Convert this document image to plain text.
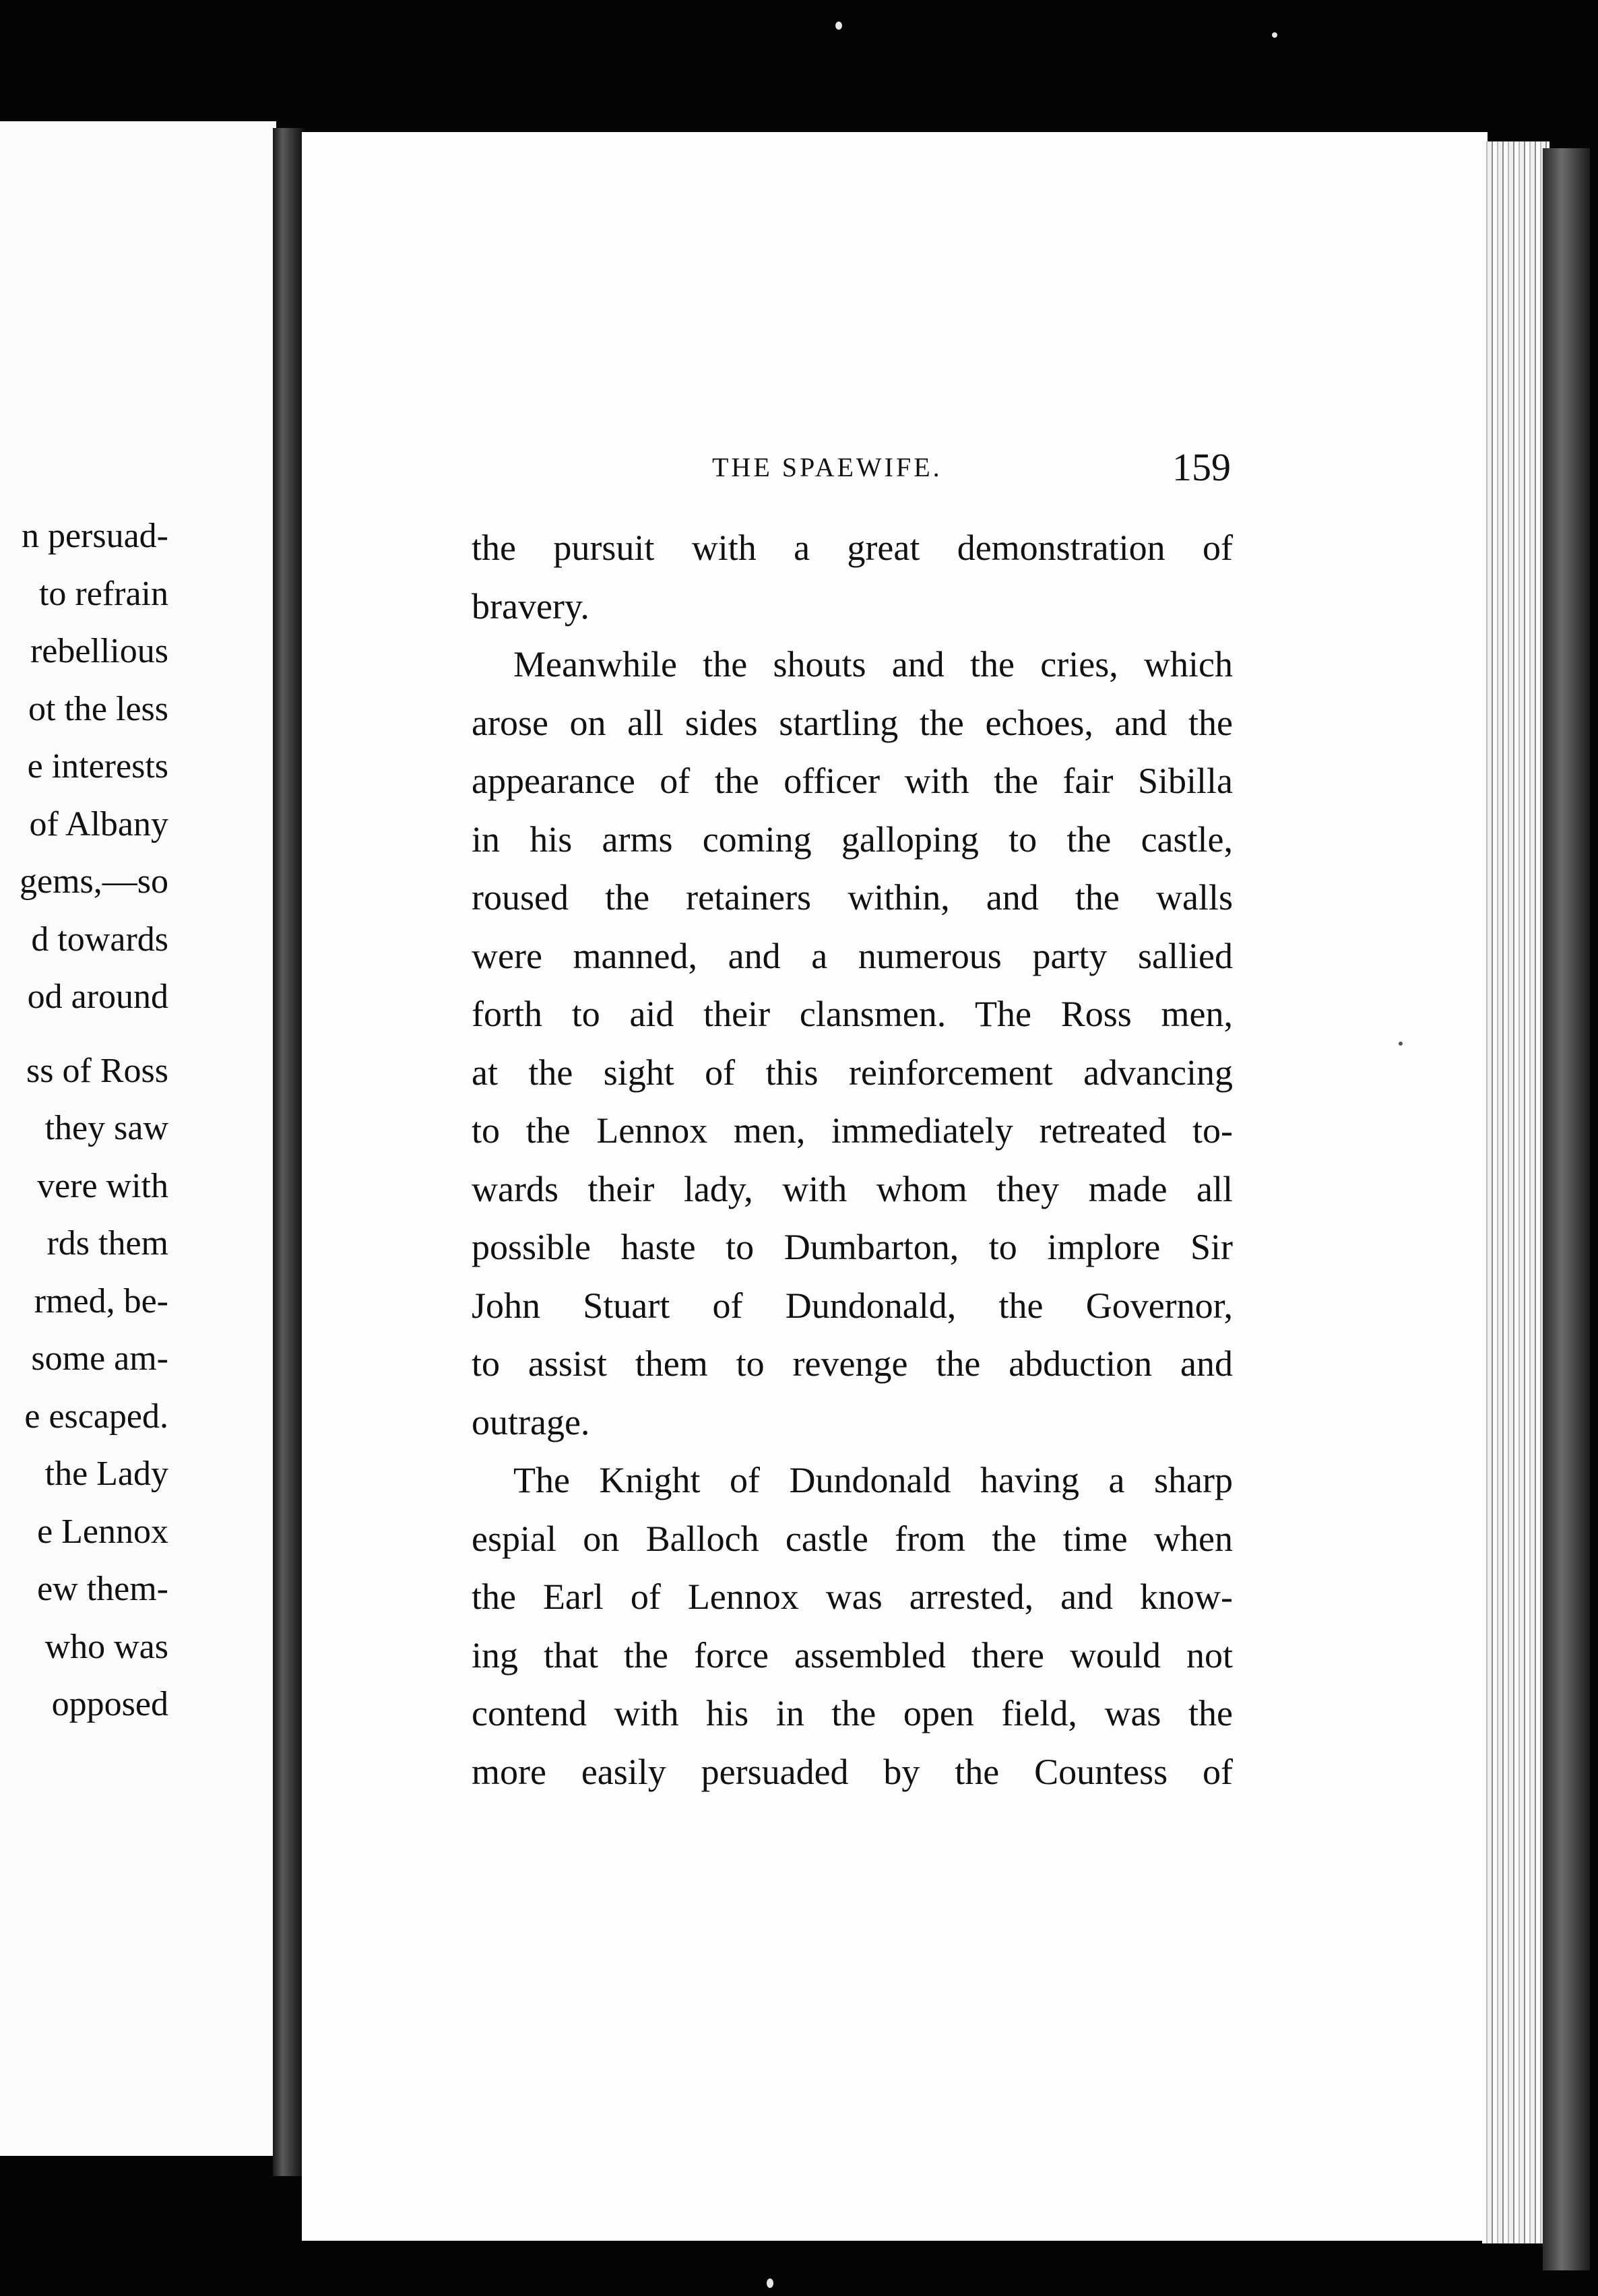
n persuad-
to refrain
rebellious
ot the less
e interests
of Albany
gems,—so
d towards
od around
ss of Ross
they saw
vere with
rds them
rmed, be-
some am-
e escaped.
the Lady
e Lennox
ew them-
who was
opposed
THE SPAEWIFE.	159
the pursuit with a great demonstration of
bravery.
Meanwhile the shouts and the cries, which
arose on all sides startling the echoes, and the
appearance of the officer with the fair Sibilla
in his arms coming galloping to the castle,
roused the retainers within, and the walls
were manned, and a numerous party sallied
forth to aid their clansmen. The Ross men,
at the sight of this reinforcement advancing
to the Lennox men, immediately retreated to-
wards their lady, with whom they made all
possible haste to Dumbarton, to implore Sir
John Stuart of Dundonald, the Governor,
to assist them to revenge the abduction and
outrage.
The Knight of Dundonald having a sharp
espial on Balloch castle from the time when
the Earl of Lennox was arrested, and know-
ing that the force assembled there would not
contend with his in the open field, was the
more easily persuaded by the Countess of
